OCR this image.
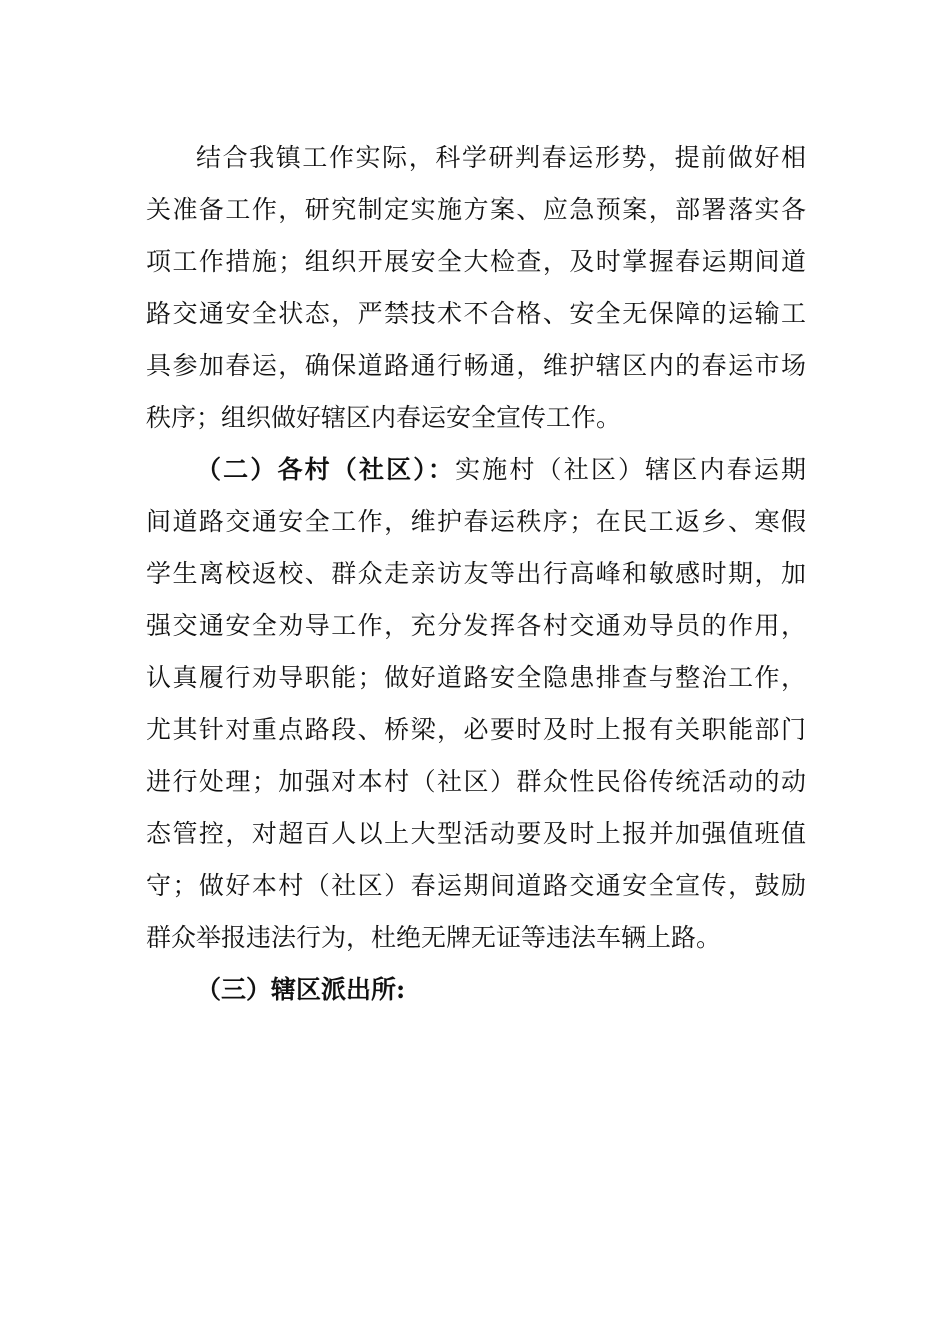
结合我镇工作实际，科学研判春运形势，提前做好相
关准备工作，研究制定实施方案、应急预案，部署落实各
项工作措施；组织开展安全大检查，及时掌握春运期间道
路交通安全状态，严禁技术不合格、安全无保障的运输工
具参加春运，确保道路通行畅通，维护辖区内的春运市场
秩序；组织做好辖区内春运安全宣传工作。
（二）各村（社区）：实施村（社区）辖区内春运期
间道路交通安全工作，维护春运秩序；在民工返乡、寒假
学生离校返校、群众走亲访友等出行高峰和敏感时期，加
强交通安全劝导工作，充分发挥各村交通劝导员的作用，
认真履行劝导职能；做好道路安全隐患排查与整治工作，
尤其针对重点路段、桥梁，必要时及时上报有关职能部门
进行处理；加强对本村（社区）群众性民俗传统活动的动
态管控，对超百人以上大型活动要及时上报并加强值班值
守；做好本村（社区）春运期间道路交通安全宣传，鼓励
群众举报违法行为，杜绝无牌无证等违法车辆上路。
（三）辖区派出所:
